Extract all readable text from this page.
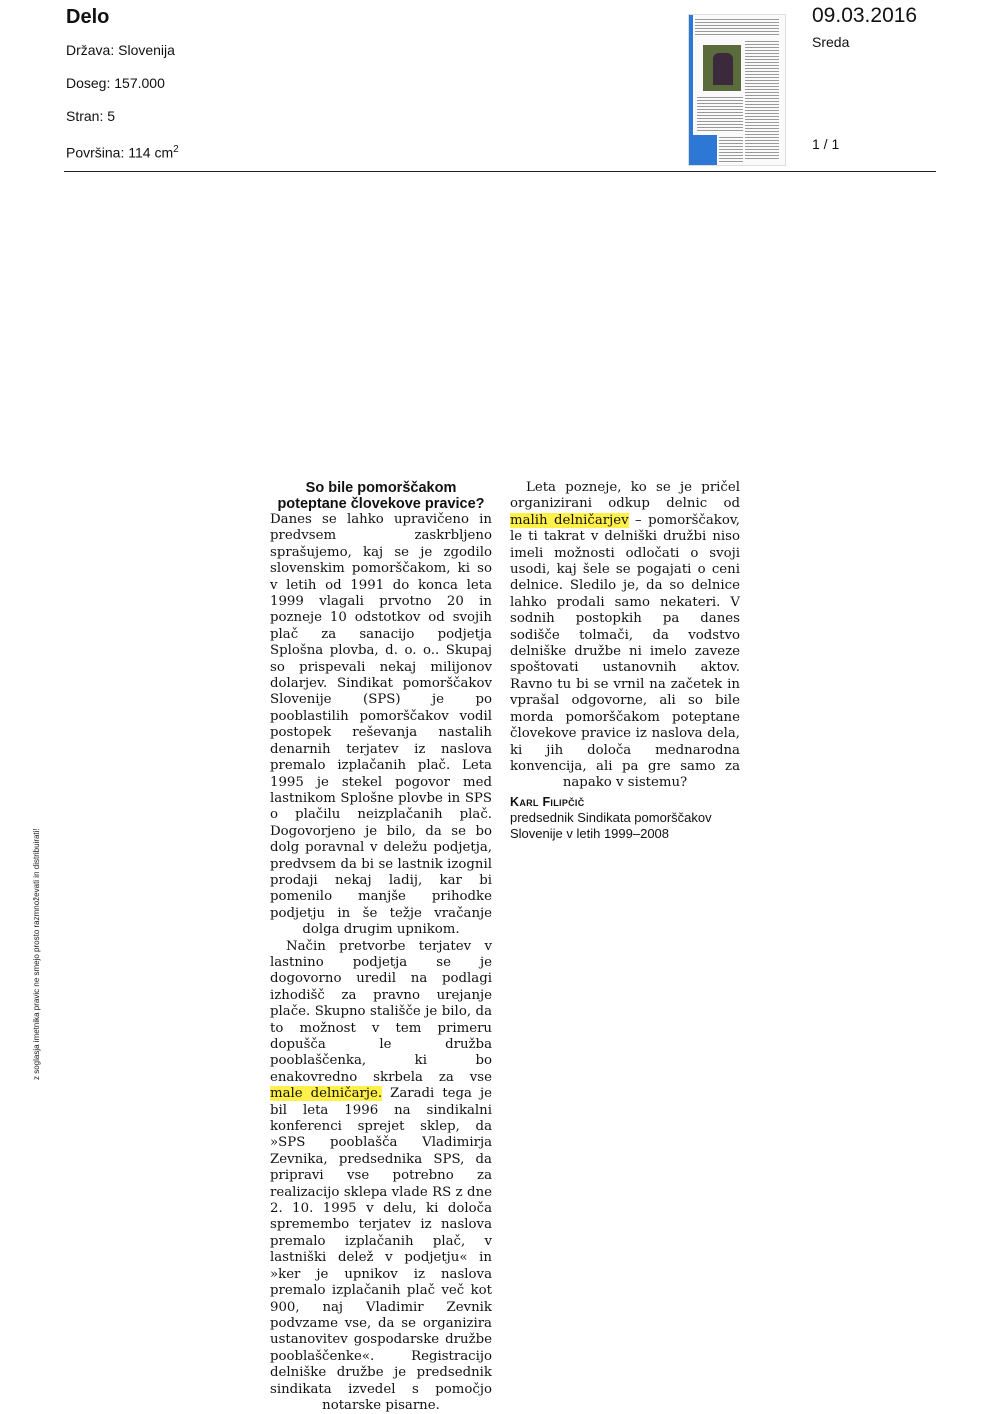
Delo
Država: Slovenija
Doseg: 157.000
Stran: 5
Površina: 114 $cm^2$
09.03.2016
Sreda
1 / 1
z soglasja imetnika pravic ne smejo prosto razmnoževati in distribuirati!
So bile pomorščakom
poteptane človekove pravice?

Danes se lahko upravičeno in predvsem zaskrbljeno sprašujemo, kaj se je zgodilo slovenskim pomorščakom, ki so v letih od 1991 do konca leta 1999 vlagali prvotno 20 in pozneje 10 odstotkov od svojih plač za sanacijo podjetja Splošna plovba, d. o. o.. Skupaj so prispevali nekaj milijonov dolarjev. Sindikat pomorščakov Slovenije (SPS) je po pooblastilih pomorščakov vodil postopek reševanja nastalih denarnih terjatev iz naslova premalo izplačanih plač. Leta 1995 je stekel pogovor med lastnikom Splošne plovbe in SPS o plačilu neizplačanih plač. Dogovorjeno je bilo, da se bo dolg poravnal v deležu podjetja, predvsem da bi se lastnik izognil prodaji nekaj ladij, kar bi pomenilo manjše prihodke podjetju in še težje vračanje dolga drugim upnikom.

Način pretvorbe terjatev v lastnino podjetja se je dogovorno uredil na podlagi izhodišč za pravno urejanje plače. Skupno stališče je bilo, da to možnost v tem primeru dopušča le družba pooblaščenka, ki bo enakovredno skrbela za vse male delničarje. Zaradi tega je bil leta 1996 na sindikalni konferenci sprejet sklep, da »SPS pooblašča Vladimirja Zevnika, predsednika SPS, da pripravi vse potrebno za realizacijo sklepa vlade RS z dne 2. 10. 1995 v delu, ki določa spremembo terjatev iz naslova premalo izplačanih plač, v lastniški delež v podjetju« in »ker je upnikov iz naslova premalo izplačanih plač več kot 900, naj Vladimir Zevnik podvzame vse, da se organizira ustanovitev gospodarske družbe pooblaščenke«. Registracijo delniške družbe je predsednik sindikata izvedel s pomočjo notarske pisarne.

Leta pozneje, ko se je pričel organizirani odkup delnic od malih delničarjev – pomorščakov, le ti takrat v delniški družbi niso imeli možnosti odločati o svoji usodi, kaj šele se pogajati o ceni delnice. Sledilo je, da so delnice lahko prodali samo nekateri. V sodnih postopkih pa danes sodišče tolmači, da vodstvo delniške družbe ni imelo zaveze spoštovati ustanovnih aktov. Ravno tu bi se vrnil na začetek in vprašal odgovorne, ali so bile morda pomorščakom poteptane človekove pravice iz naslova dela, ki jih določa mednarodna konvencija, ali pa gre samo za napako v sistemu?

Karl Filipčič
predsednik Sindikata pomorščakov Slovenije v letih 1999–2008
